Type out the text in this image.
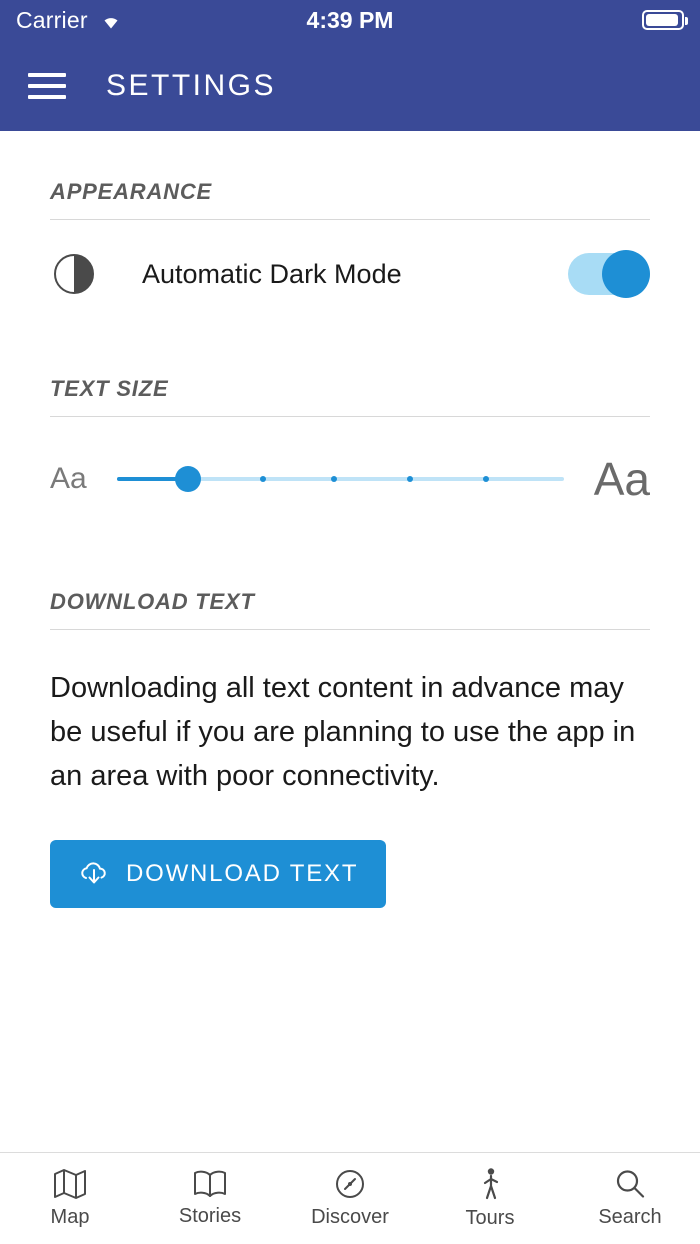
Carrier	4:39 PM
SETTINGS
APPEARANCE
Automatic Dark Mode
TEXT SIZE
Aa	Aa
DOWNLOAD TEXT

Downloading all text content in advance may be useful if you are planning to use the app in an area with poor connectivity.

DOWNLOAD TEXT
Map	Stories	Discover	Tours	Search
